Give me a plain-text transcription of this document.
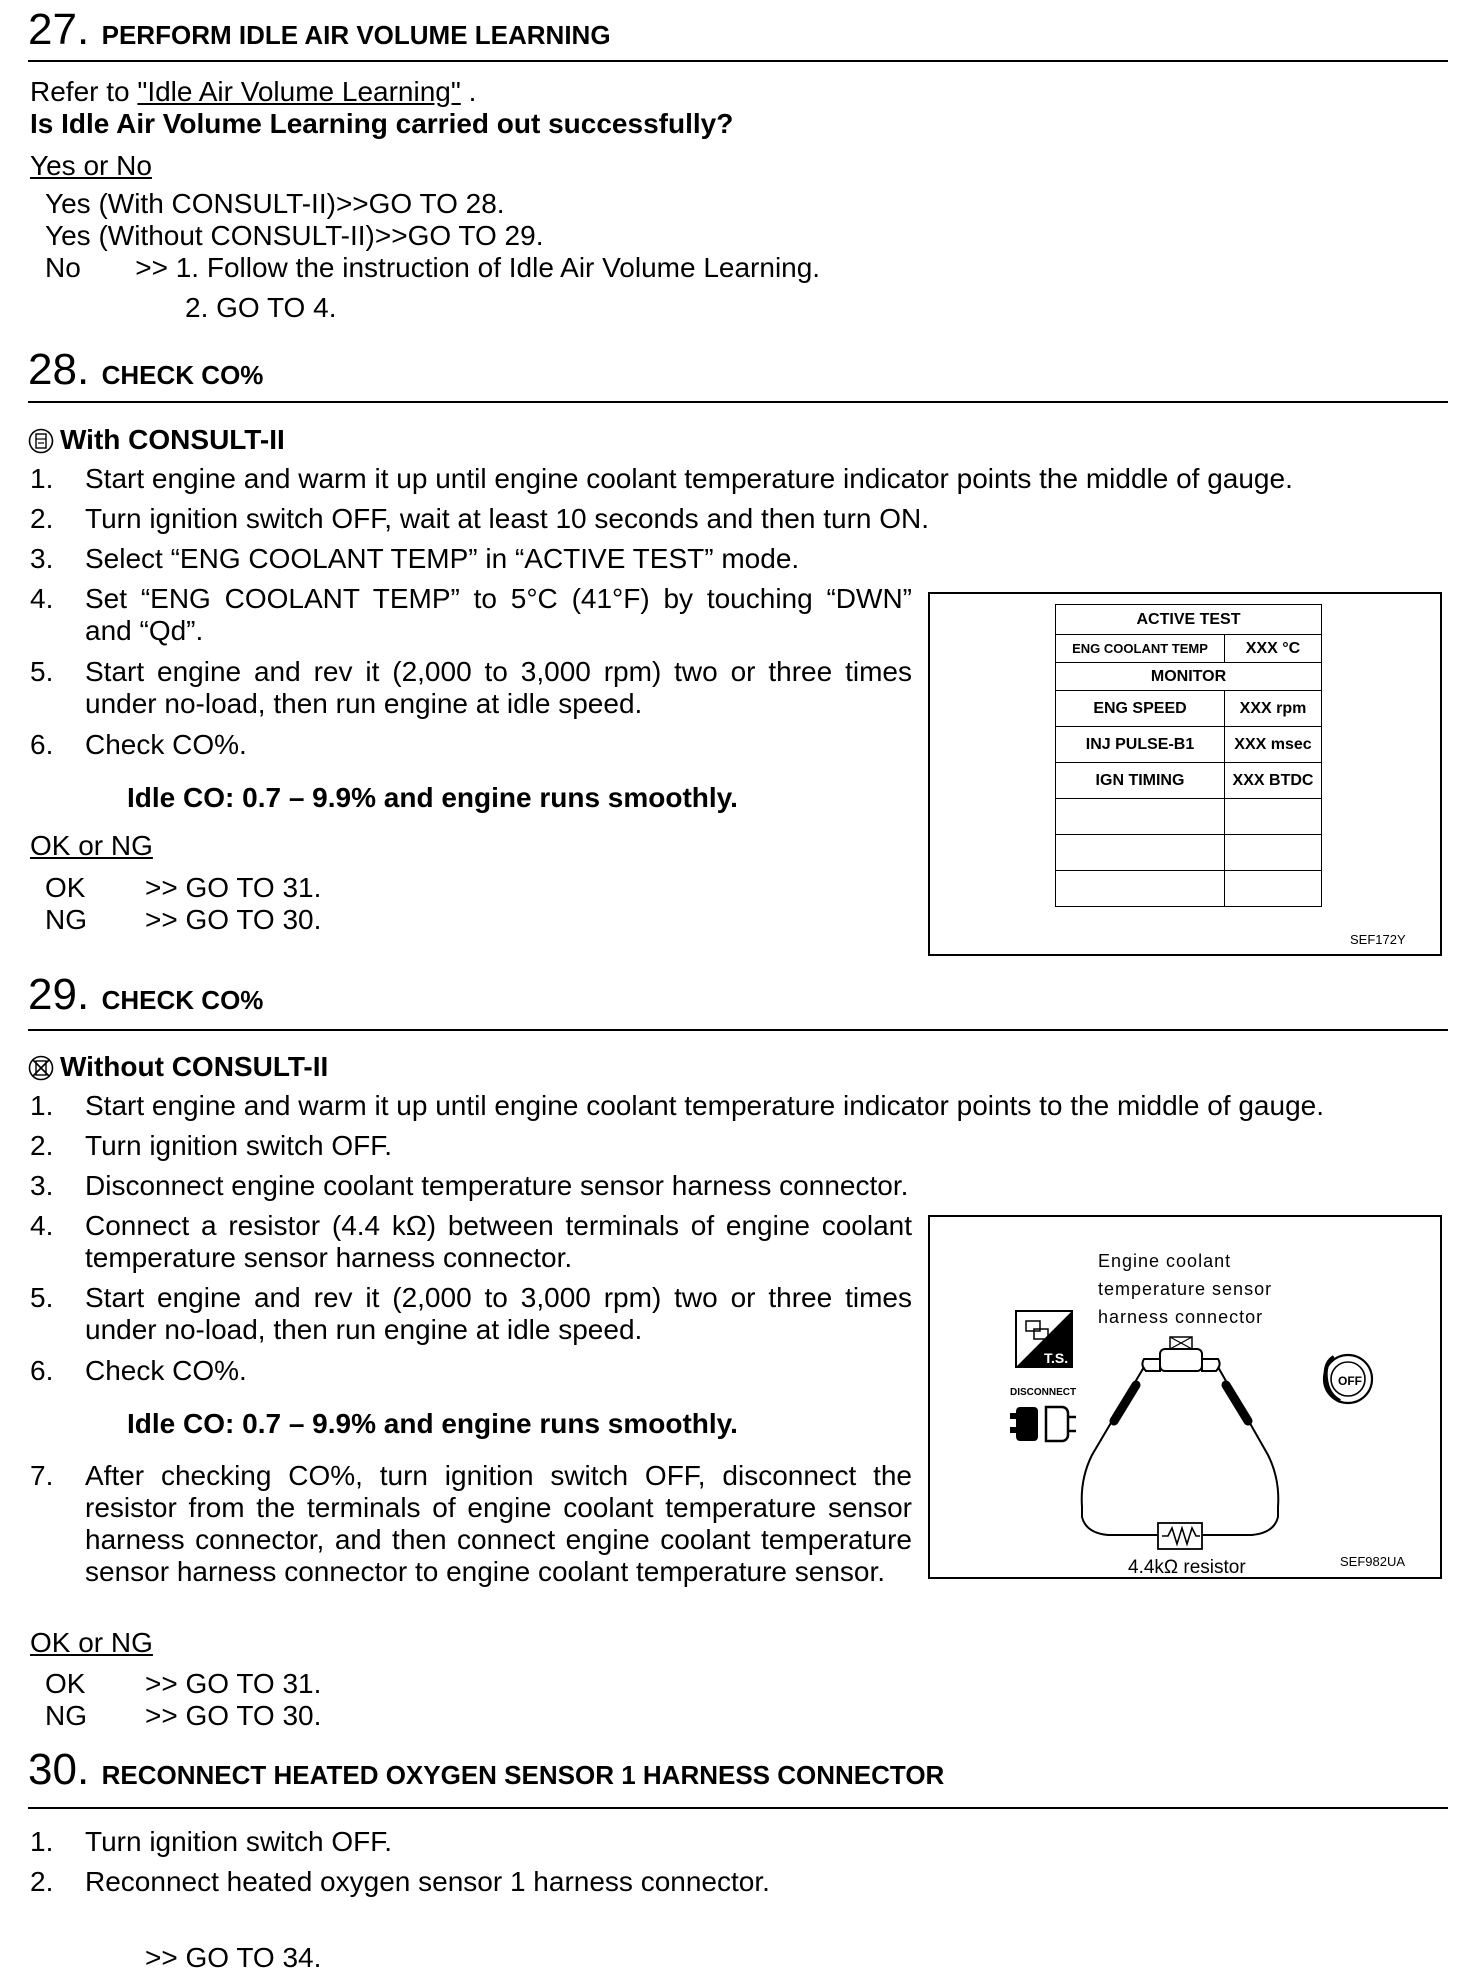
27. PERFORM IDLE AIR VOLUME LEARNING
Refer to "Idle Air Volume Learning" .
Is Idle Air Volume Learning carried out successfully?
Yes or No
Yes (With CONSULT-II)>>GO TO 28.
Yes (Without CONSULT-II)>>GO TO 29.
No       >> 1. Follow the instruction of Idle Air Volume Learning.
2. GO TO 4.
28. CHECK CO%
With CONSULT-II
1. Start engine and warm it up until engine coolant temperature indicator points the middle of gauge.
2. Turn ignition switch OFF, wait at least 10 seconds and then turn ON.
3. Select “ENG COOLANT TEMP” in “ACTIVE TEST” mode.
4. Set “ENG COOLANT TEMP” to 5°C (41°F) by touching “DWN” and “Qd”.
5. Start engine and rev it (2,000 to 3,000 rpm) two or three times under no-load, then run engine at idle speed.
6. Check CO%.
Idle CO: 0.7 – 9.9% and engine runs smoothly.
OK or NG
OK >> GO TO 31.
NG >> GO TO 30.
ACTIVE TEST	
ENG COOLANT TEMP	XXX °C
MONITOR	
ENG SPEED	XXX rpm
INJ PULSE-B1	XXX msec
IGN TIMING	XXX BTDC

SEF172Y
29. CHECK CO%
Without CONSULT-II
1. Start engine and warm it up until engine coolant temperature indicator points to the middle of gauge.
2. Turn ignition switch OFF.
3. Disconnect engine coolant temperature sensor harness connector.
4. Connect a resistor (4.4 kΩ) between terminals of engine coolant temperature sensor harness connector.
5. Start engine and rev it (2,000 to 3,000 rpm) two or three times under no-load, then run engine at idle speed.
6. Check CO%.
Idle CO: 0.7 – 9.9% and engine runs smoothly.
7. After checking CO%, turn ignition switch OFF, disconnect the resistor from the terminals of engine coolant temperature sensor harness connector, and then connect engine coolant temperature sensor harness connector to engine coolant temperature sensor.
OK or NG
OK >> GO TO 31.
NG >> GO TO 30.
Engine coolant
temperature sensor
harness connector
T.S.
DISCONNECT
4.4kΩ resistor
OFF
SEF982UA
30. RECONNECT HEATED OXYGEN SENSOR 1 HARNESS CONNECTOR
1. Turn ignition switch OFF.
2. Reconnect heated oxygen sensor 1 harness connector.
>> GO TO 34.
